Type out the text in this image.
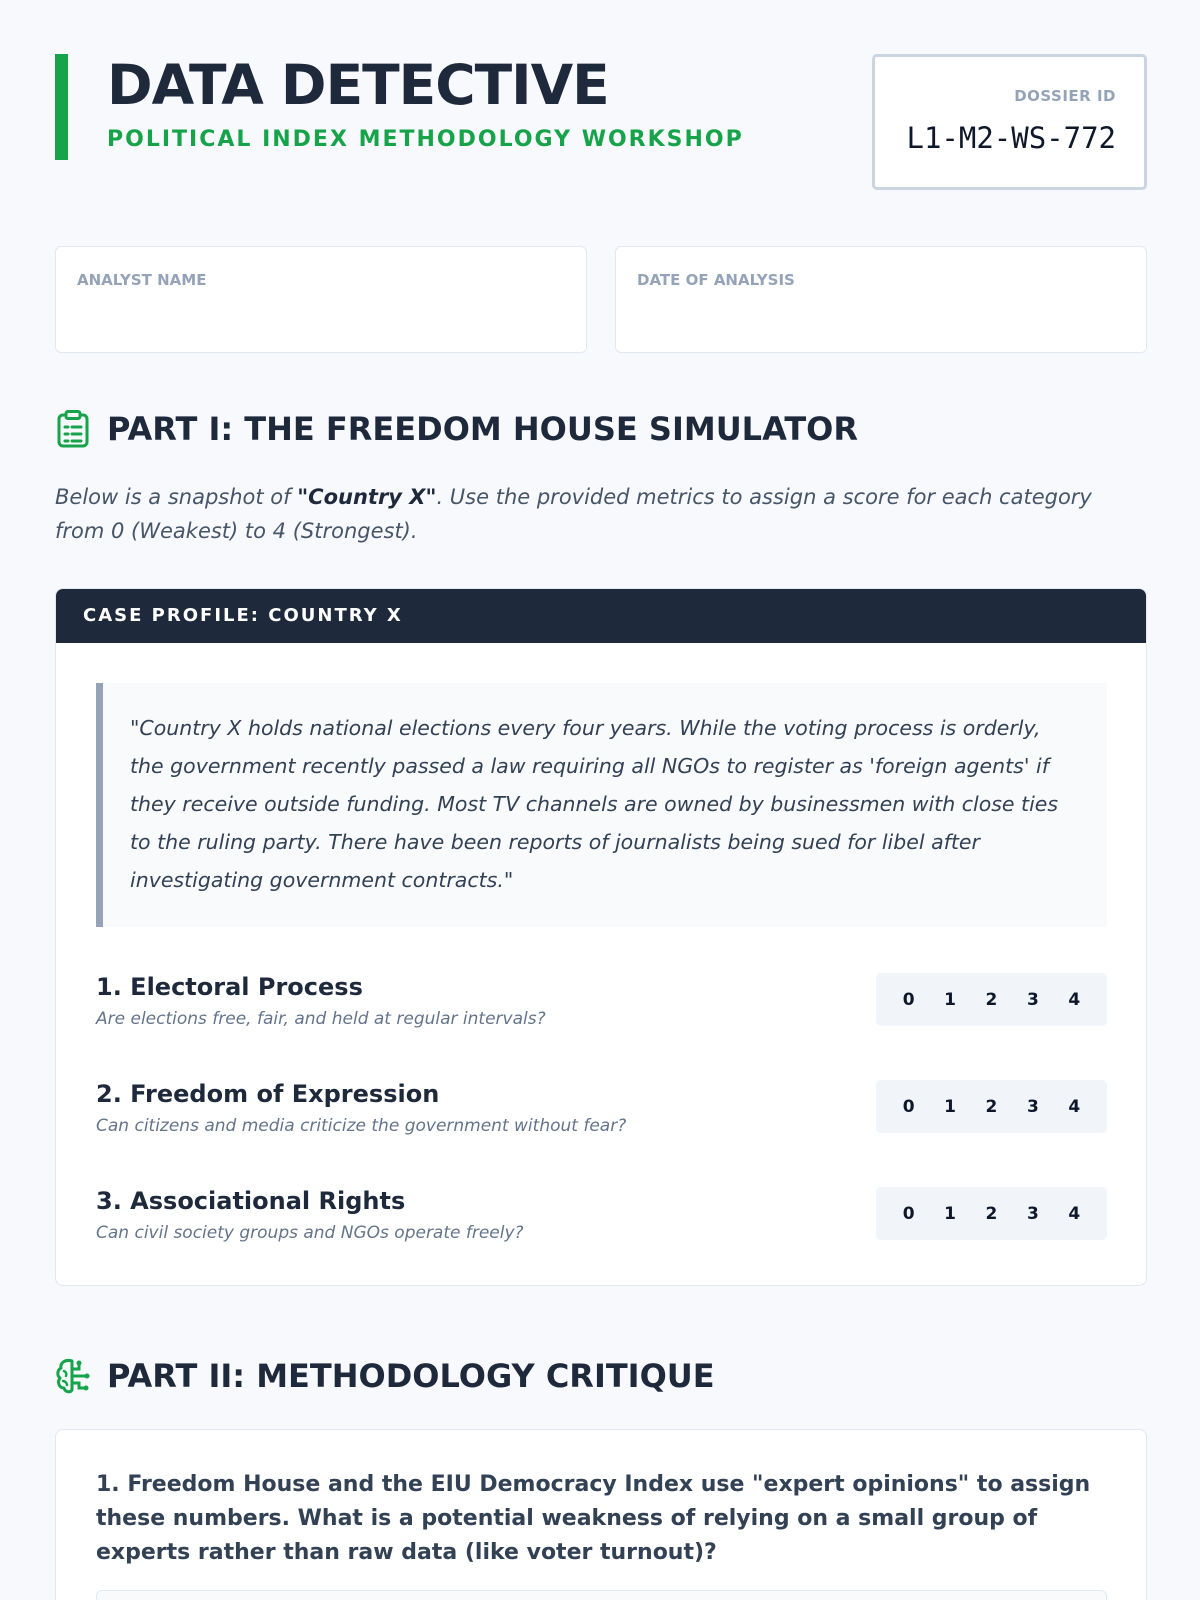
DATA DETECTIVE
POLITICAL INDEX METHODOLOGY WORKSHOP
DOSSIER ID
L1-M2-WS-772
ANALYST NAME	DATE OF ANALYSIS
PART I: THE FREEDOM HOUSE SIMULATOR
Below is a snapshot of "Country X". Use the provided metrics to assign a score for each category from 0 (Weakest) to 4 (Strongest).
CASE PROFILE: COUNTRY X
"Country X holds national elections every four years. While the voting process is orderly, the government recently passed a law requiring all NGOs to register as 'foreign agents' if they receive outside funding. Most TV channels are owned by businessmen with close ties to the ruling party. There have been reports of journalists being sued for libel after investigating government contracts."
1. Electoral Process
Are elections free, fair, and held at regular intervals?
0	1	2	3	4
2. Freedom of Expression
Can citizens and media criticize the government without fear?
0	1	2	3	4
3. Associational Rights
Can civil society groups and NGOs operate freely?
0	1	2	3	4
PART II: METHODOLOGY CRITIQUE
1. Freedom House and the EIU Democracy Index use "expert opinions" to assign these numbers. What is a potential weakness of relying on a small group of experts rather than raw data (like voter turnout)?
